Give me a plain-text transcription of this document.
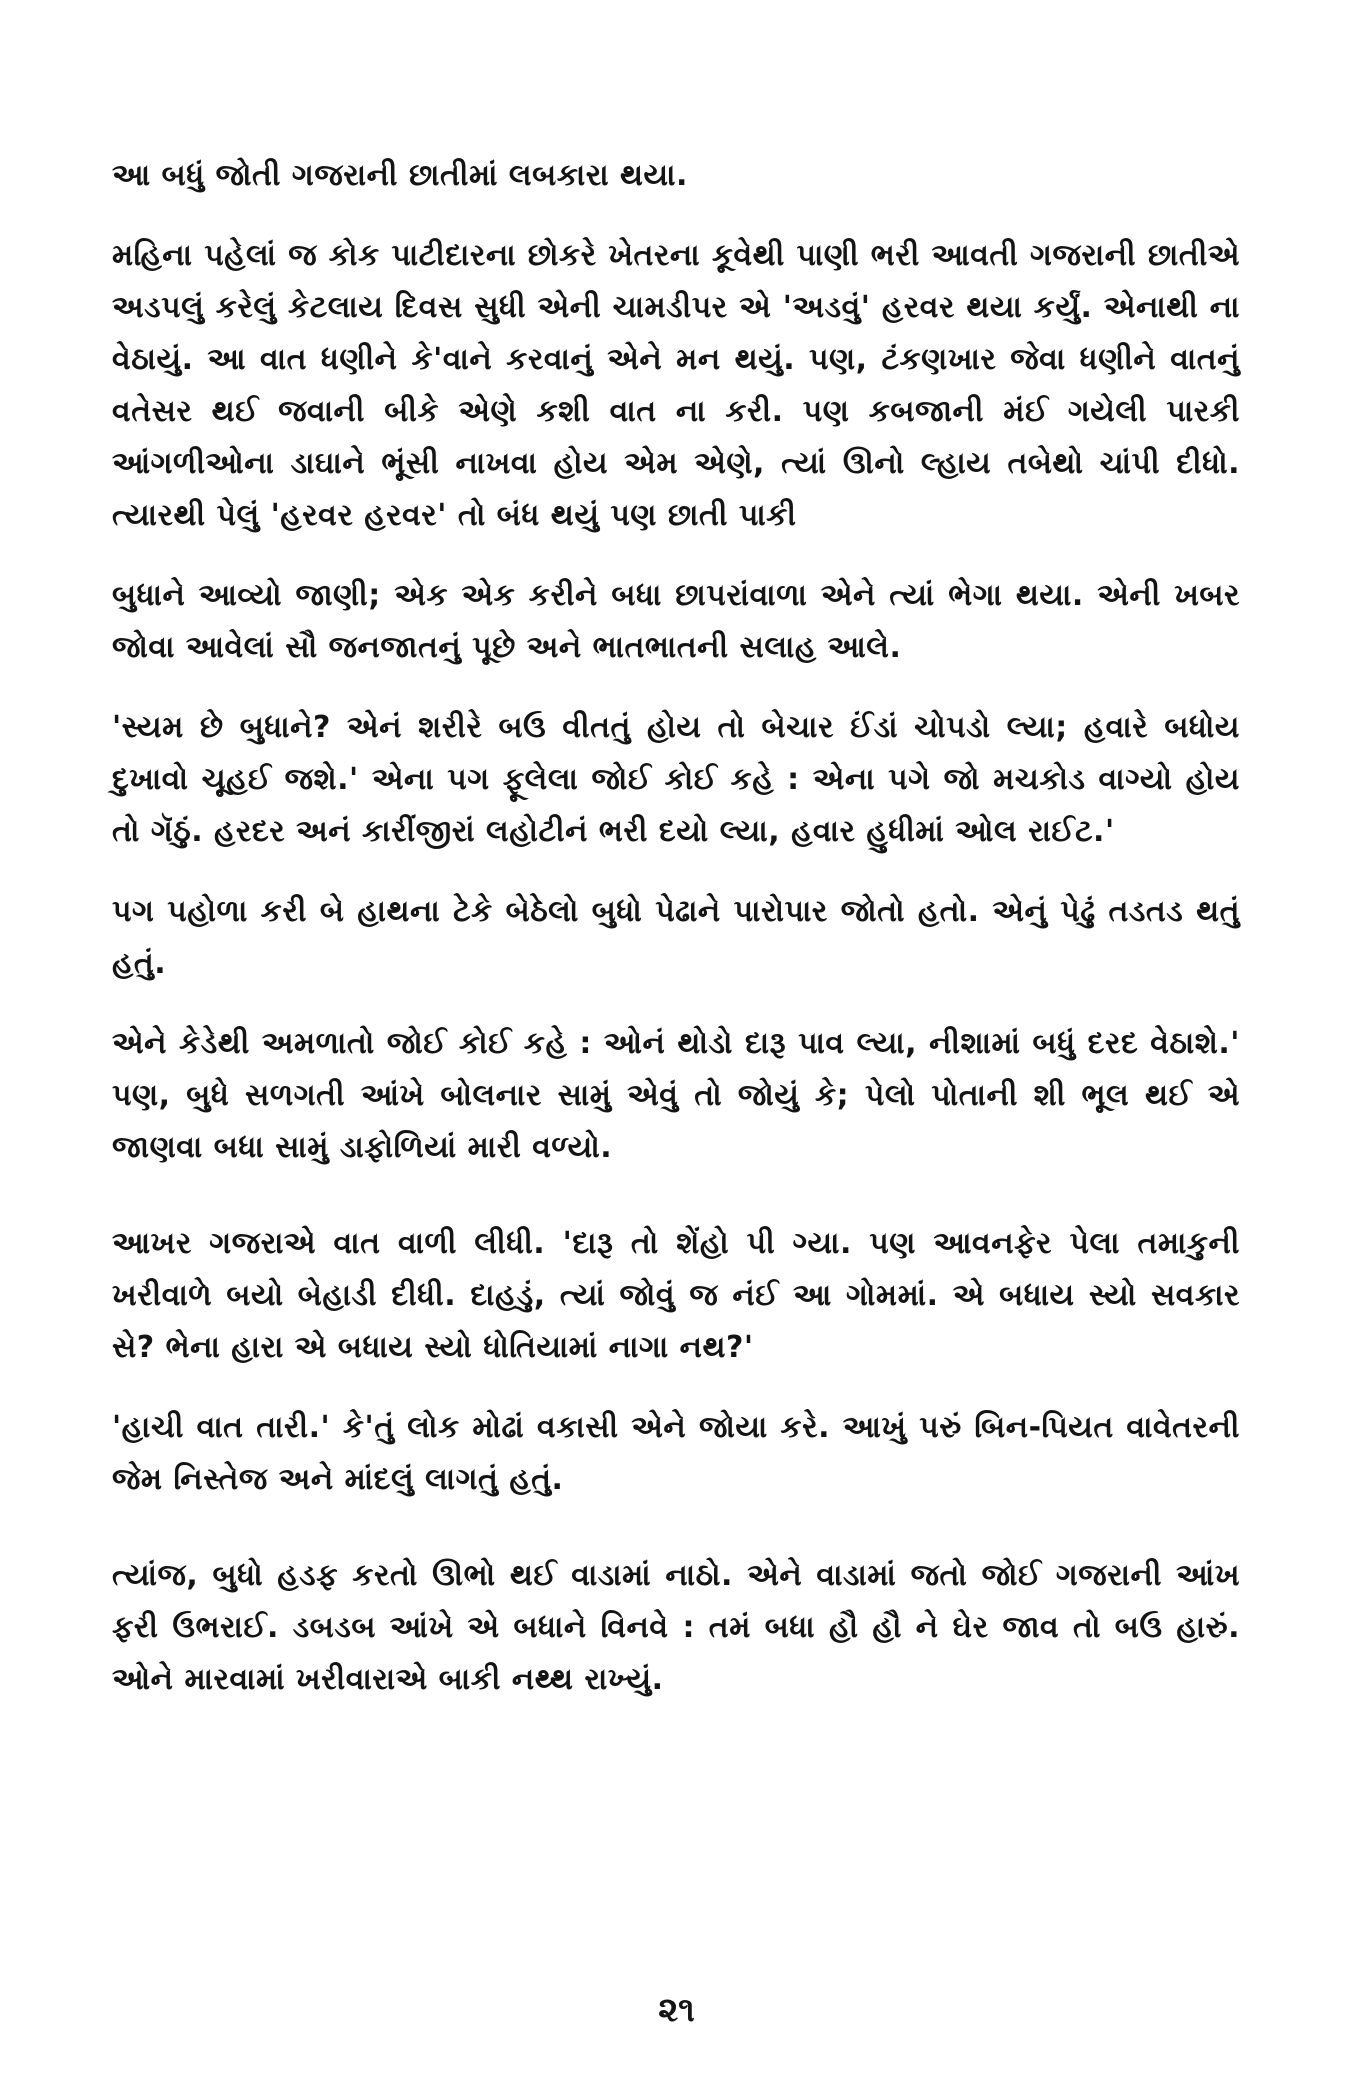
આ બધું જોતી ગજરાની છાતીમાં લબકારા થયા.

મહિના પહેલાં જ કોક પાટીદારના છોકરે ખેતરના કૂવેથી પાણી ભરી આવતી ગજરાની છાતીએ અડપલું કરેલું કેટલાય દિવસ સુધી એની ચામડીપર એ 'અડવું' હરવર થયા કર્યું. એનાથી ના વેઠાયું. આ વાત ધણીને કે'વાને કરવાનું એને મન થયું. પણ, ટંકણખાર જેવા ધણીને વાતનું વતેસર થઈ જવાની બીકે એણે કશી વાત ના કરી. પણ કબજાની મંઈ ગયેલી પારકી આંગળીઓના ડાઘાને ભૂંસી નાખવા હોય એમ એણે, ત્યાં ઊનો લ્હાય તબેથો ચાંપી દીધો. ત્યારથી પેલું 'હરવર હરવર' તો બંધ થયું પણ છાતી પાકી

બુધાને આવ્યો જાણી; એક એક કરીને બધા છાપરાંવાળા એને ત્યાં ભેગા થયા. એની ખબર જોવા આવેલાં સૌ જનજાતનું પૂછે અને ભાતભાતની સલાહ આલે.

'સ્યમ છે બુધાને? એનં શરીરે બઉ વીતતું હોય તો બેચાર ઈંડાં ચોપડો લ્યા; હવારે બધોય દુખાવો ચૂહઈ જશે.' એના પગ ફૂલેલા જોઈ કોઈ કહે : એના પગે જો મચકોડ વાગ્યો હોય તો ગૅઠું. હરદર અનં કારીંજીરાં લહોટીનં ભરી દયો લ્યા, હવાર હુધીમાં ઓલ રાઈટ.'

પગ પહોળા કરી બે હાથના ટેકે બેઠેલો બુધો પેઢાને પારોપાર જોતો હતો. એનું પેઢું તડતડ થતું હતું.

એને કેડેથી અમળાતો જોઈ કોઈ કહે : ઓનં થોડો દારૂ પાવ લ્યા, નીશામાં બધું દરદ વેઠાશે.' પણ, બુધે સળગતી આંખે બોલનાર સામું એવું તો જોયું કે; પેલો પોતાની શી ભૂલ થઈ એ જાણવા બધા સામું ડાફોળિયાં મારી વળ્યો.

આખર ગજરાએ વાત વાળી લીધી. 'દારૂ તો શેંહો પી ગ્યા. પણ આવનફેર પેલા તમાકુની ખરીવાળે બયો બેહાડી દીધી. દાહડું, ત્યાં જોવું જ નંઈ આ ગોમમાં. એ બધાય સ્યો સવકાર સે? ભેના હારા એ બધાય સ્યો ધોતિયામાં નાગા નથ?'

'હાચી વાત તારી.' કે'તું લોક મોઢાં વકાસી એને જોયા કરે. આખું પરું બિન-પિયત વાવેતરની જેમ નિસ્તેજ અને માંદલું લાગતું હતું.

ત્યાંજ, બુધો હડફ કરતો ઊભો થઈ વાડામાં નાઠો. એને વાડામાં જતો જોઈ ગજરાની આંખ ફરી ઉભરાઈ. ડબડબ આંખે એ બધાને વિનવે : તમં બધા હૌ હૌ ને ઘેર જાવ તો બઉ હારું. ઓને મારવામાં ખરીવારાએ બાકી નથ્થ રાખ્યું.

૨૧
